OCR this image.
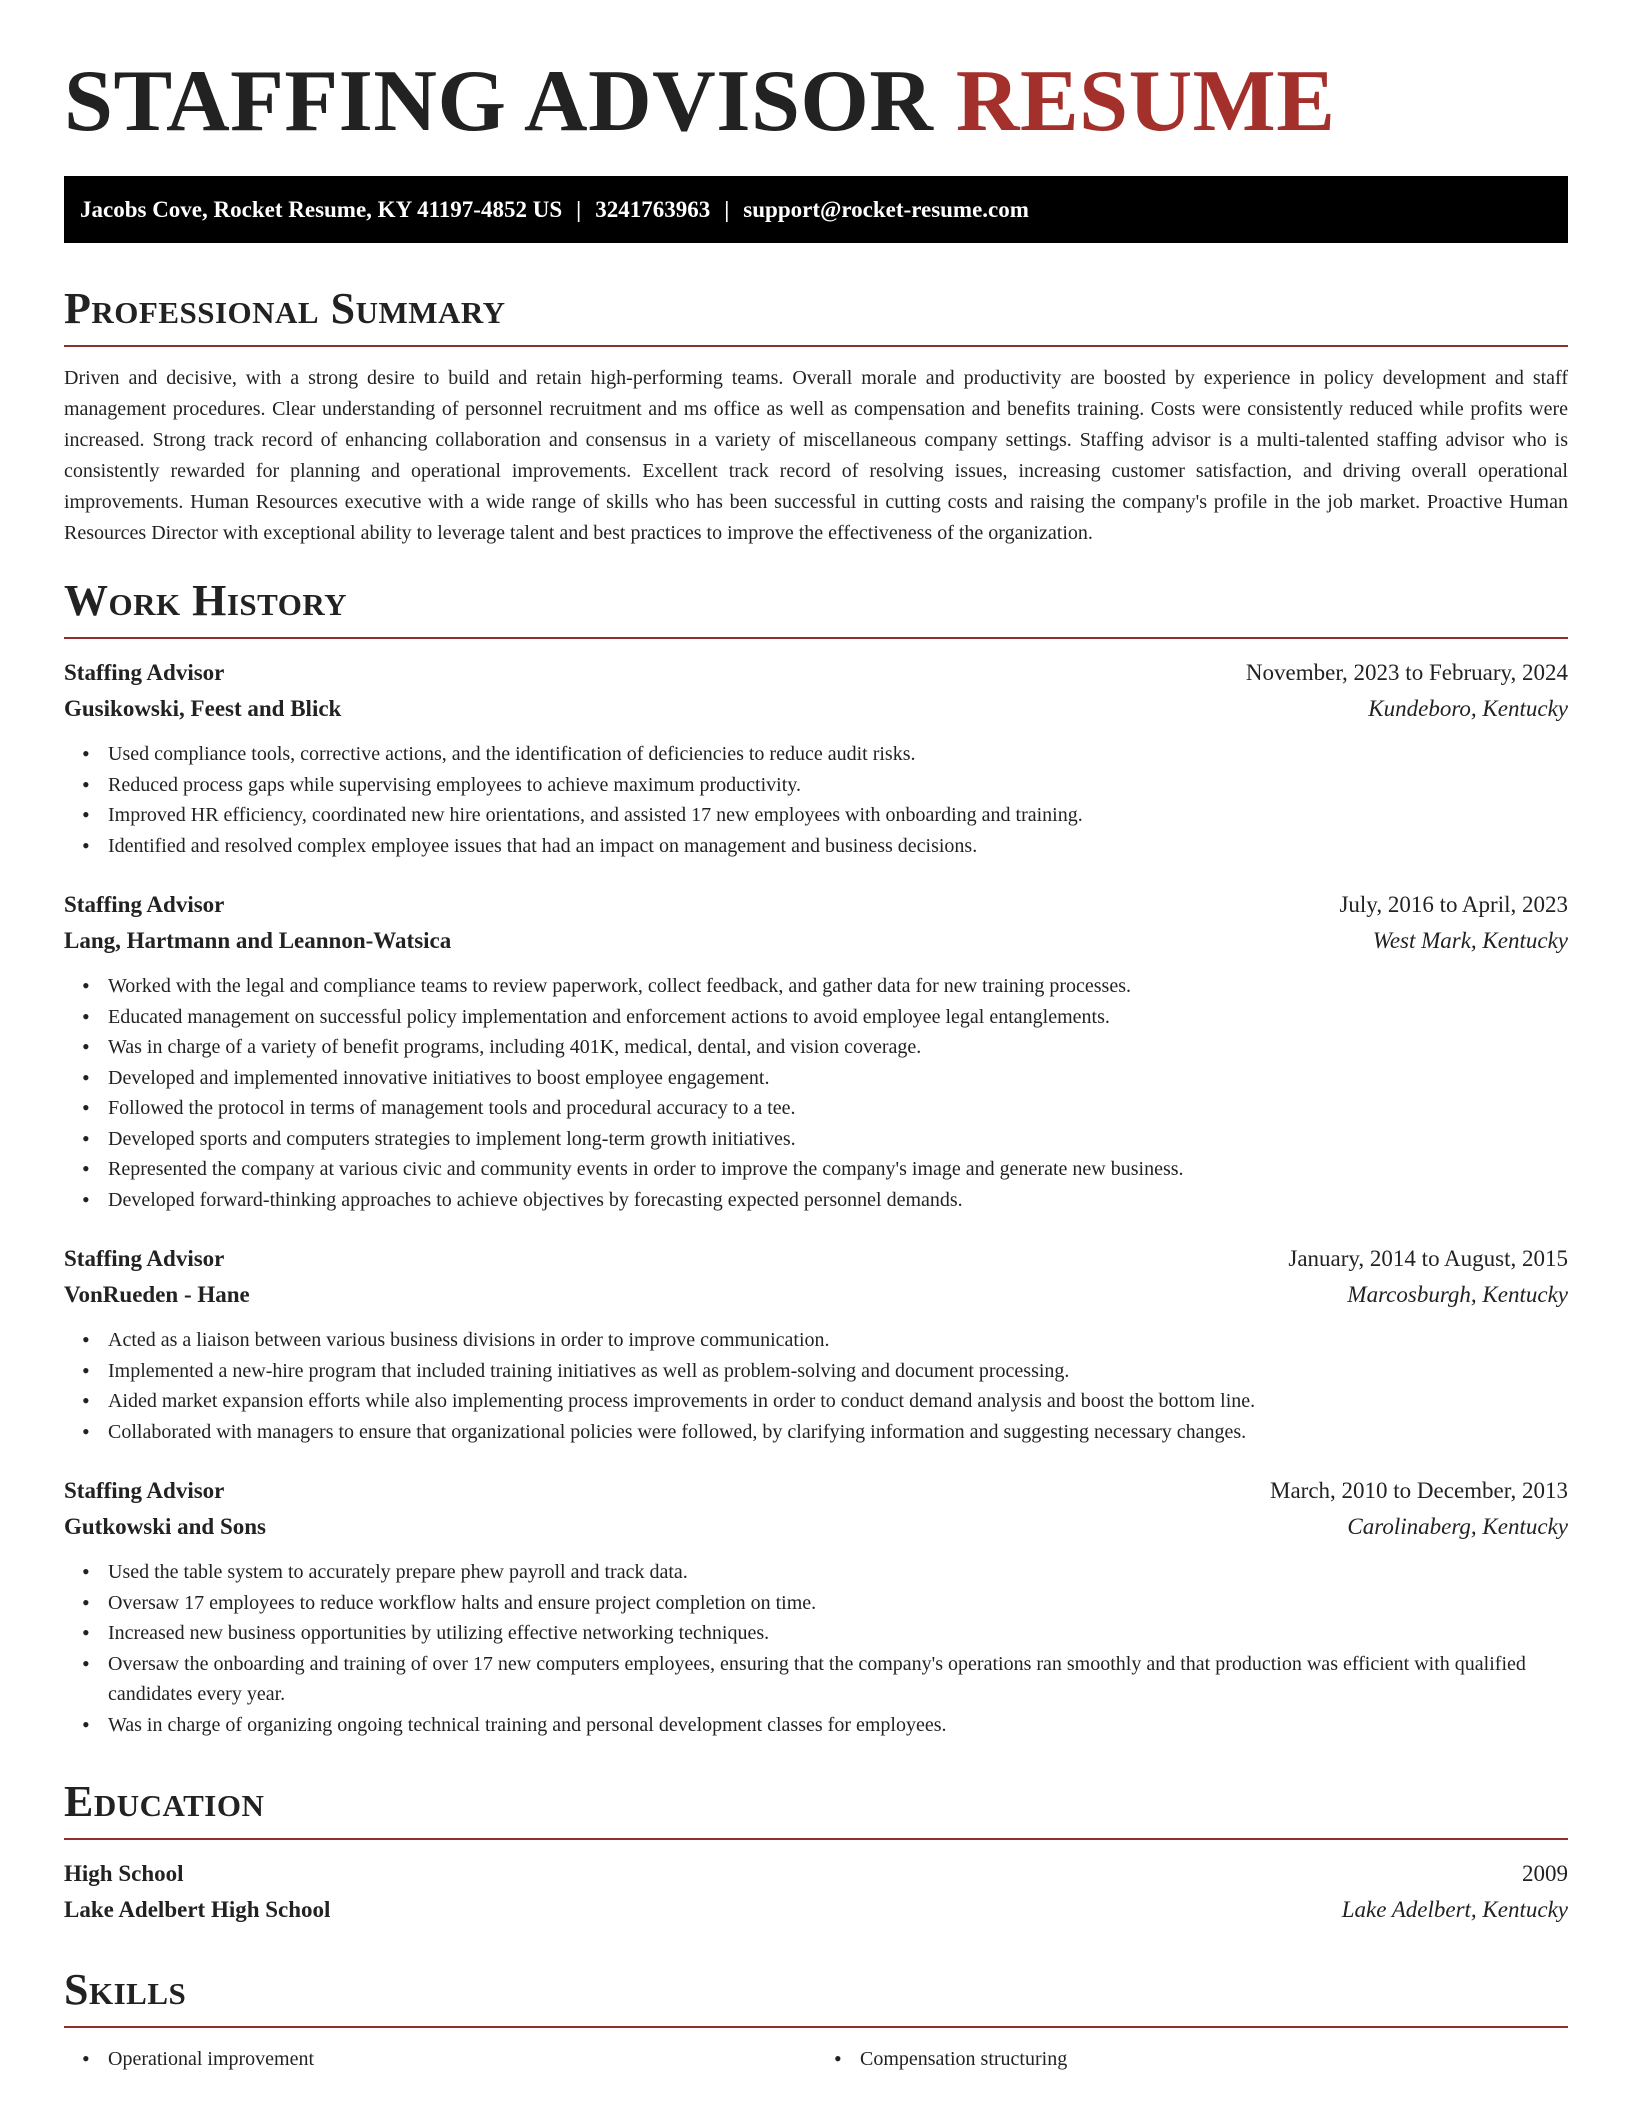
STAFFING ADVISOR RESUME
Jacobs Cove, Rocket Resume, KY 41197-4852 US | 3241763963 | support@rocket-resume.com
Professional Summary

Driven and decisive, with a strong desire to build and retain high-performing teams. Overall morale and productivity are boosted by experience in policy development and staff management procedures. Clear understanding of personnel recruitment and ms office as well as compensation and benefits training. Costs were consistently reduced while profits were increased. Strong track record of enhancing collaboration and consensus in a variety of miscellaneous company settings. Staffing advisor is a multi-talented staffing advisor who is consistently rewarded for planning and operational improvements. Excellent track record of resolving issues, increasing customer satisfaction, and driving overall operational improvements. Human Resources executive with a wide range of skills who has been successful in cutting costs and raising the company's profile in the job market. Proactive Human Resources Director with exceptional ability to leverage talent and best practices to improve the effectiveness of the organization.

Work History
Staffing Advisor	November, 2023 to February, 2024
Gusikowski, Feest and Blick	Kundeboro, Kentucky
• Used compliance tools, corrective actions, and the identification of deficiencies to reduce audit risks.
• Reduced process gaps while supervising employees to achieve maximum productivity.
• Improved HR efficiency, coordinated new hire orientations, and assisted 17 new employees with onboarding and training.
• Identified and resolved complex employee issues that had an impact on management and business decisions.
Staffing Advisor	July, 2016 to April, 2023
Lang, Hartmann and Leannon-Watsica	West Mark, Kentucky
• Worked with the legal and compliance teams to review paperwork, collect feedback, and gather data for new training processes.
• Educated management on successful policy implementation and enforcement actions to avoid employee legal entanglements.
• Was in charge of a variety of benefit programs, including 401K, medical, dental, and vision coverage.
• Developed and implemented innovative initiatives to boost employee engagement.
• Followed the protocol in terms of management tools and procedural accuracy to a tee.
• Developed sports and computers strategies to implement long-term growth initiatives.
• Represented the company at various civic and community events in order to improve the company's image and generate new business.
• Developed forward-thinking approaches to achieve objectives by forecasting expected personnel demands.
Staffing Advisor	January, 2014 to August, 2015
VonRueden - Hane	Marcosburgh, Kentucky
• Acted as a liaison between various business divisions in order to improve communication.
• Implemented a new-hire program that included training initiatives as well as problem-solving and document processing.
• Aided market expansion efforts while also implementing process improvements in order to conduct demand analysis and boost the bottom line.
• Collaborated with managers to ensure that organizational policies were followed, by clarifying information and suggesting necessary changes.
Staffing Advisor	March, 2010 to December, 2013
Gutkowski and Sons	Carolinaberg, Kentucky
• Used the table system to accurately prepare phew payroll and track data.
• Oversaw 17 employees to reduce workflow halts and ensure project completion on time.
• Increased new business opportunities by utilizing effective networking techniques.
• Oversaw the onboarding and training of over 17 new computers employees, ensuring that the company's operations ran smoothly and that production was efficient with qualified candidates every year.
• Was in charge of organizing ongoing technical training and personal development classes for employees.
Education
High School	2009
Lake Adelbert High School	Lake Adelbert, Kentucky
Skills
• Operational improvement
•	Compensation structuring
